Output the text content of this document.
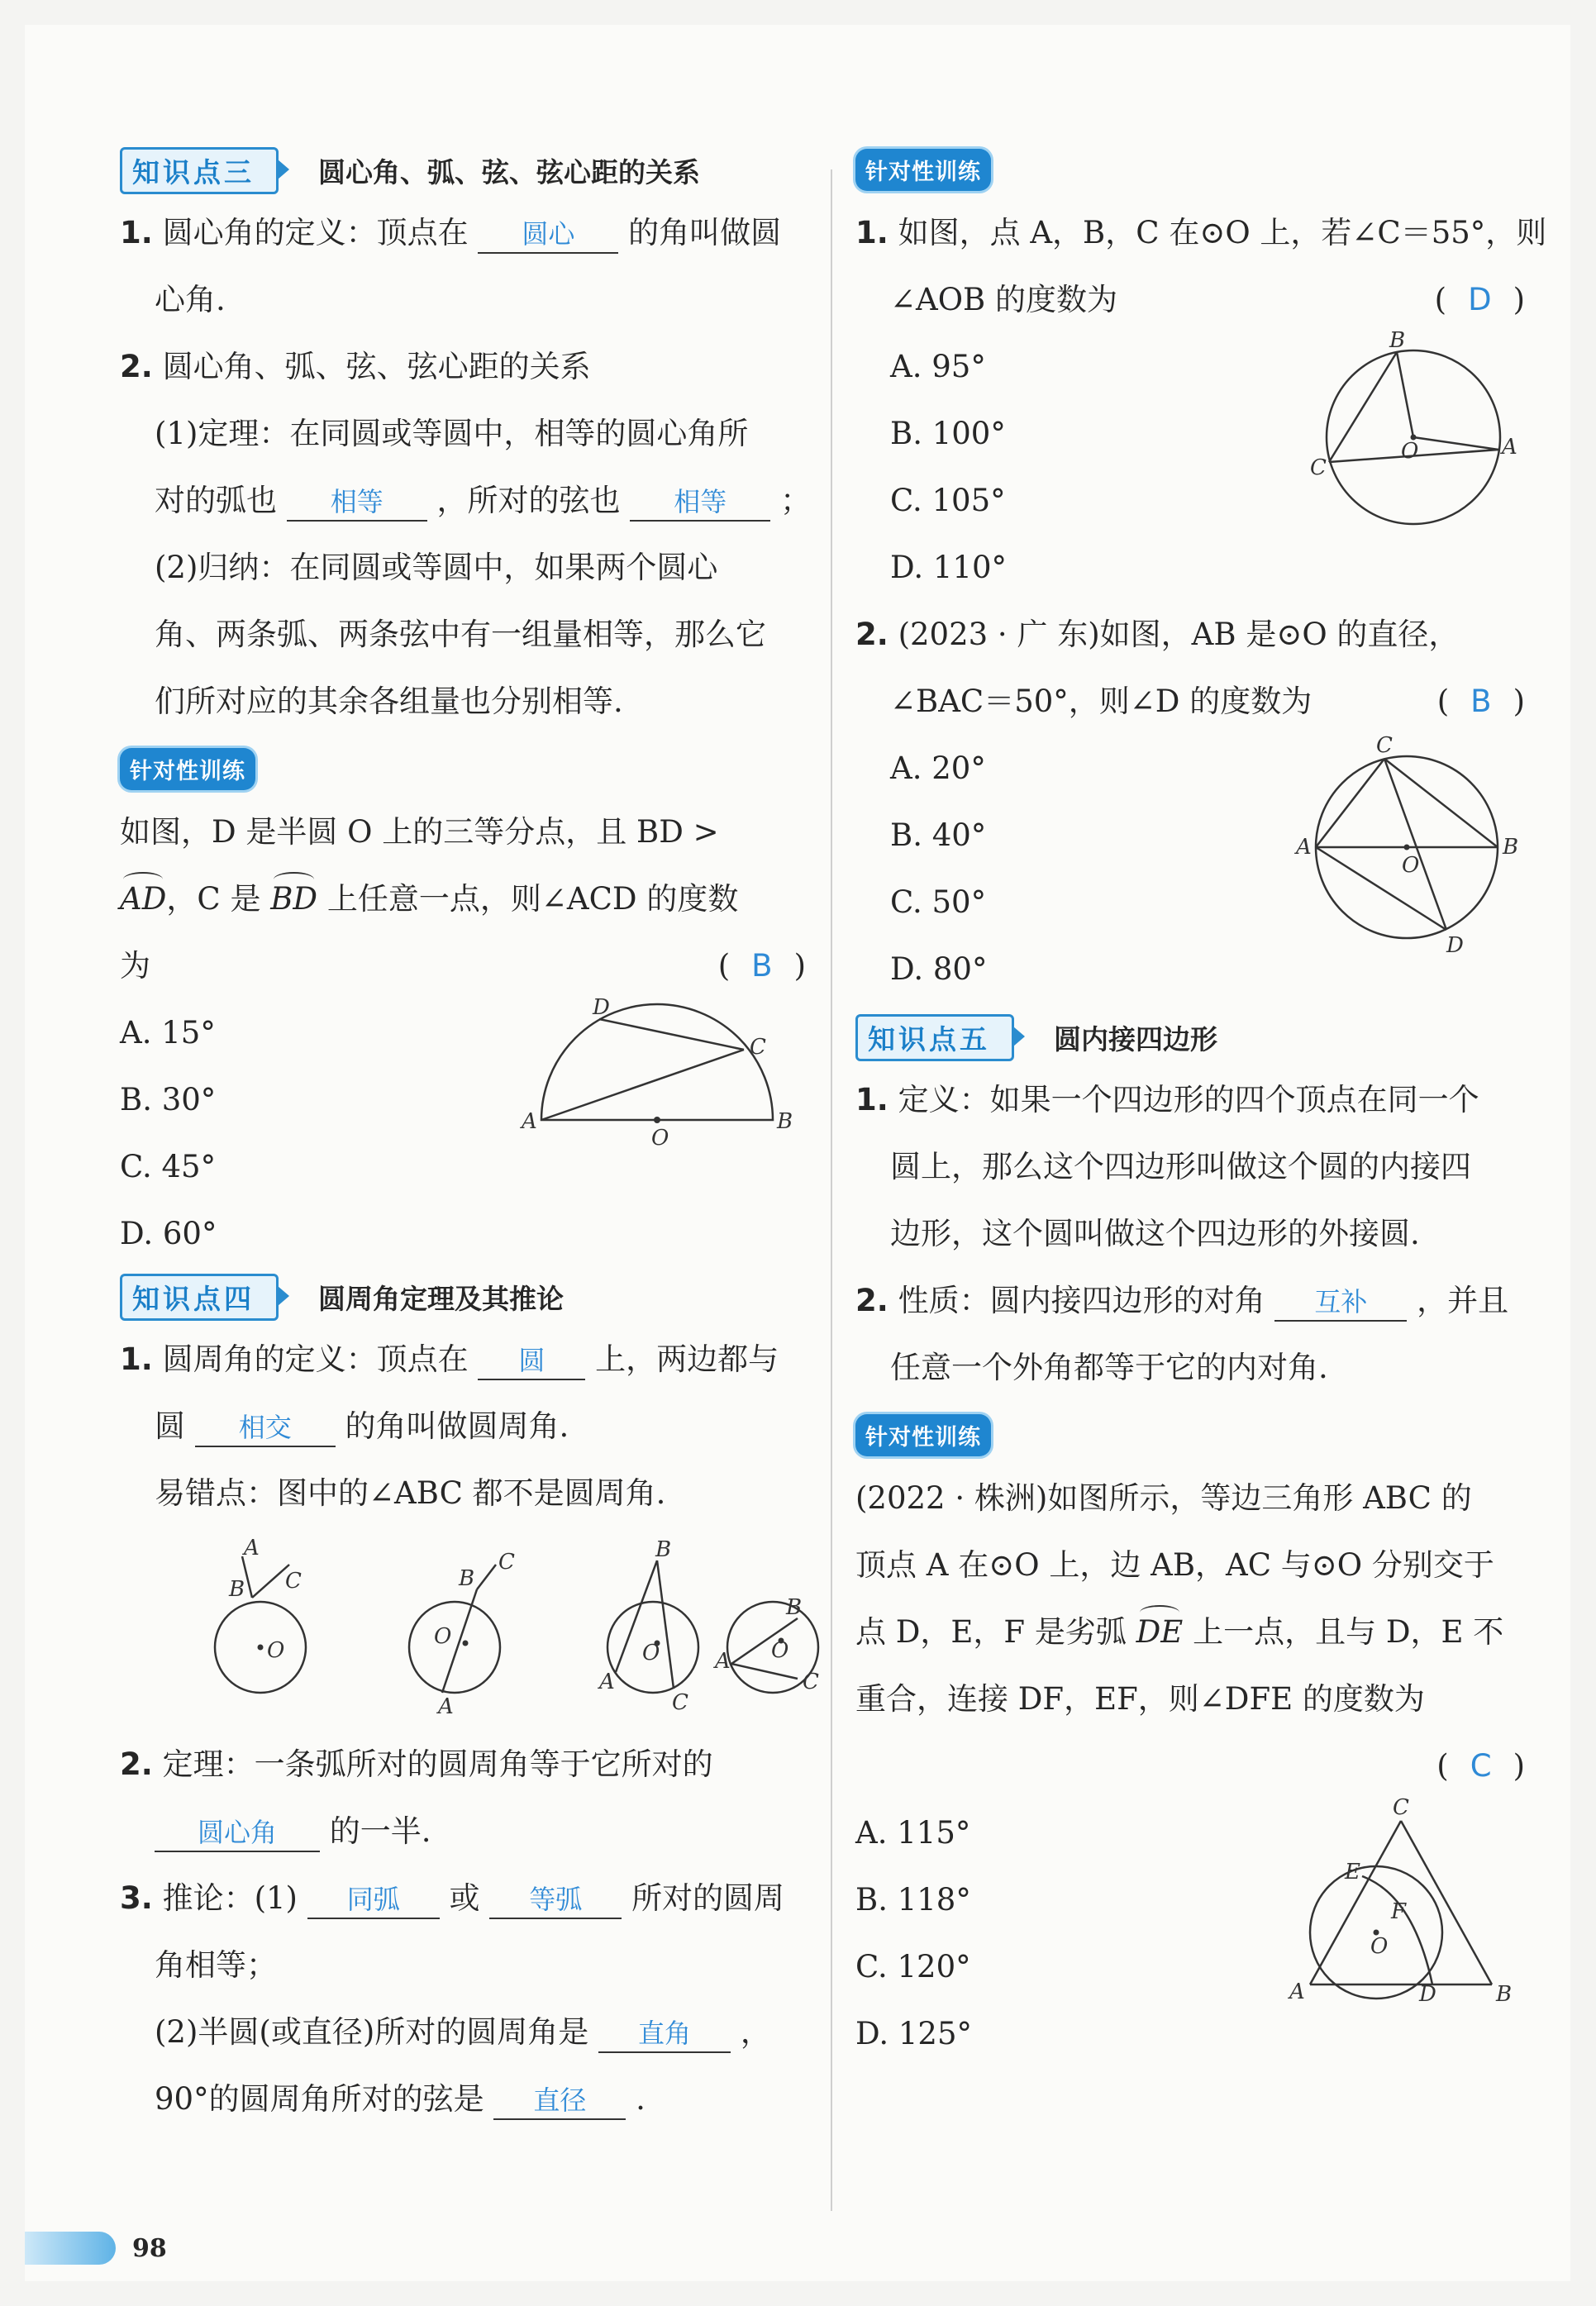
知识点三	圆心角、弧、弦、弦心距的关系
1. 圆心角的定义：顶点在 圆心 的角叫做圆
心角.
2. 圆心角、弧、弦、弦心距的关系
(1)定理：在同圆或等圆中，相等的圆心角所
对的弧也 相等 ，所对的弦也 相等 ；
(2)归纳：在同圆或等圆中，如果两个圆心
角、两条弧、两条弦中有一组量相等，那么它
们所对应的其余各组量也分别相等.
针对性训练
如图，D 是半圆 O 上的三等分点，且 BD >
AD，C 是 BD 上任意一点，则∠ACD 的度数
为	( B )
A. 15°
B. 30°
C. 45°
D. 60°
D
C
A
O
B
知识点四	圆周角定理及其推论
1. 圆周角的定义：顶点在 圆 上，两边都与
圆 相交 的角叫做圆周角.
易错点：图中的∠ABC 都不是圆周角.
A
B C
O
B
C
O
A
B
A
C
O
B
A
C
O
2. 定理：一条弧所对的圆周角等于它所对的
圆心角 的一半.
3. 推论：(1) 同弧 或 等弧 所对的圆周
角相等；
(2)半圆(或直径)所对的圆周角是 直角 ，
90°的圆周角所对的弦是 直径 .
针对性训练
1. 如图，点 A，B，C 在⊙O 上，若∠C＝55°，则
∠AOB 的度数为	( D )
A. 95°
B. 100°
C. 105°
D. 110°
B
A
C
O
2. (2023 · 广 东)如图，AB 是⊙O 的直径，
∠BAC＝50°，则∠D 的度数为	( B )
A. 20°
B. 40°
C. 50°
D. 80°
C
A	B
O
D
知识点五	圆内接四边形
1. 定义：如果一个四边形的四个顶点在同一个
圆上，那么这个四边形叫做这个圆的内接四
边形，这个圆叫做这个四边形的外接圆.
2. 性质：圆内接四边形的对角 互补 ，并且
任意一个外角都等于它的内对角.
针对性训练
(2022 · 株洲)如图所示，等边三角形 ABC 的
顶点 A 在⊙O 上，边 AB，AC 与⊙O 分别交于
点 D，E，F 是劣弧 DE 上一点，且与 D，E 不
重合，连接 DF，EF，则∠DFE 的度数为
( C )
A. 115°
B. 118°
C. 120°
D. 125°
C
E
F
O
A	D	B
98
